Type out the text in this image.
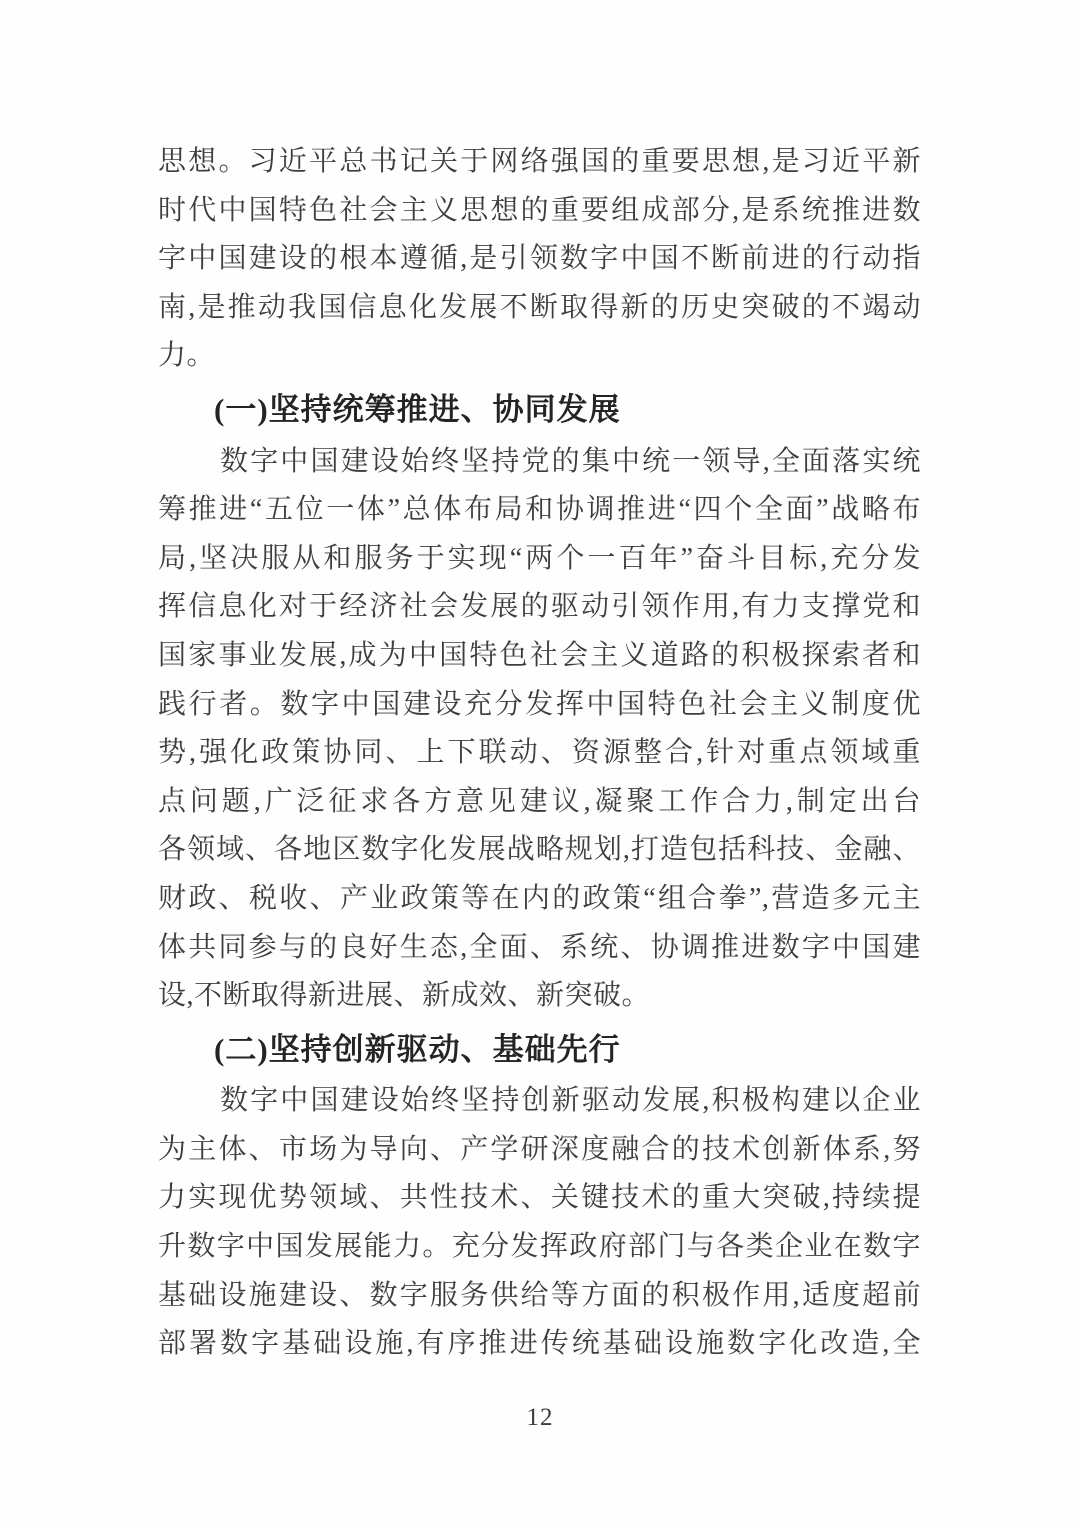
思想。习近平总书记关于网络强国的重要思想,是习近平新
时代中国特色社会主义思想的重要组成部分,是系统推进数
字中国建设的根本遵循,是引领数字中国不断前进的行动指
南,是推动我国信息化发展不断取得新的历史突破的不竭动
力。
(一)坚持统筹推进、协同发展
数字中国建设始终坚持党的集中统一领导,全面落实统
筹推进“五位一体”总体布局和协调推进“四个全面”战略布
局,坚决服从和服务于实现“两个一百年”奋斗目标,充分发
挥信息化对于经济社会发展的驱动引领作用,有力支撑党和
国家事业发展,成为中国特色社会主义道路的积极探索者和
践行者。数字中国建设充分发挥中国特色社会主义制度优
势,强化政策协同、上下联动、资源整合,针对重点领域重
点问题,广泛征求各方意见建议,凝聚工作合力,制定出台
各领域、各地区数字化发展战略规划,打造包括科技、金融、
财政、税收、产业政策等在内的政策“组合拳”,营造多元主
体共同参与的良好生态,全面、系统、协调推进数字中国建
设,不断取得新进展、新成效、新突破。
(二)坚持创新驱动、基础先行
数字中国建设始终坚持创新驱动发展,积极构建以企业
为主体、市场为导向、产学研深度融合的技术创新体系,努
力实现优势领域、共性技术、关键技术的重大突破,持续提
升数字中国发展能力。充分发挥政府部门与各类企业在数字
基础设施建设、数字服务供给等方面的积极作用,适度超前
部署数字基础设施,有序推进传统基础设施数字化改造,全
12
